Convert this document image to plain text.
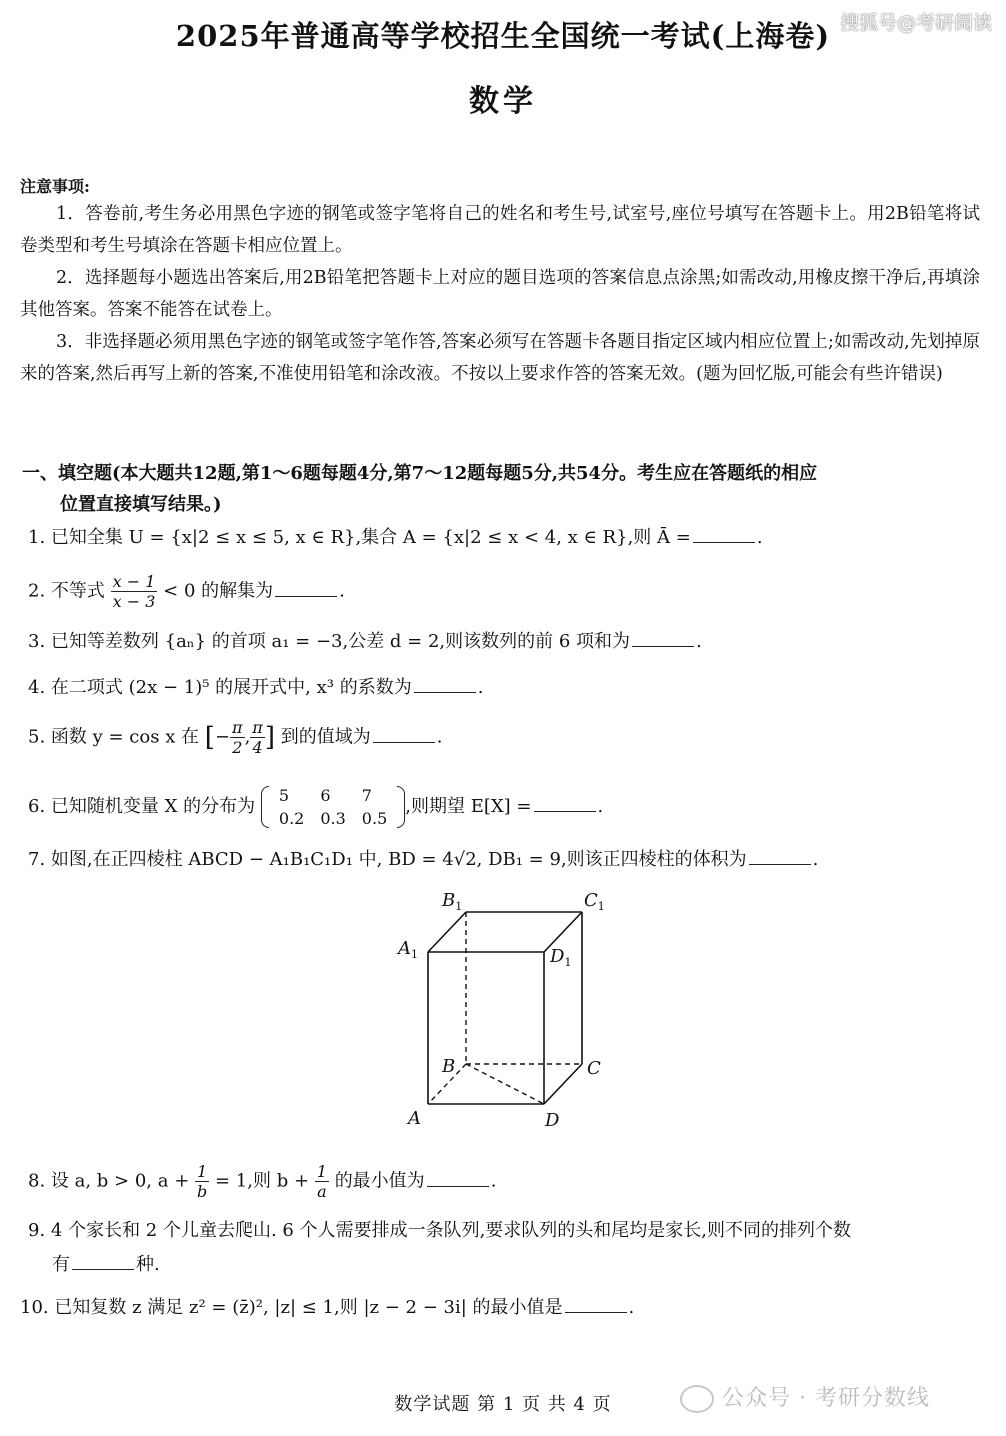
2025年普通高等学校招生全国统一考试(上海卷) 搜狐号@考研阅读
数学
注意事项:
1．答卷前,考生务必用黑色字迹的钢笔或签字笔将自己的姓名和考生号,试室号,座位号填写在答题卡上。用2B铅笔将试卷类型和考生号填涂在答题卡相应位置上。
2．选择题每小题选出答案后,用2B铅笔把答题卡上对应的题目选项的答案信息点涂黑;如需改动,用橡皮擦干净后,再填涂其他答案。答案不能答在试卷上。
3．非选择题必须用黑色字迹的钢笔或签字笔作答,答案必须写在答题卡各题目指定区域内相应位置上;如需改动,先划掉原来的答案,然后再写上新的答案,不准使用铅笔和涂改液。不按以上要求作答的答案无效。(题为回忆版,可能会有些许错误)
一、填空题(本大题共12题,第1～6题每题4分,第7～12题每题5分,共54分。考生应在答题纸的相应
位置直接填写结果。)
1. 已知全集 U = {x|2 ≤ x ≤ 5, x ∈ R},集合 A = {x|2 ≤ x < 4, x ∈ R},则 Ā =	.
2. 不等式 $\frac{x - 1}{x - 3} < 0$ 的解集为	.
3. 已知等差数列 {aₙ} 的首项 a₁ = −3,公差 d = 2,则该数列的前 6 项和为	.
4. 在二项式 (2x − 1)⁵ 的展开式中, x³ 的系数为	.
5. 函数 y = cos x 在 [− $\frac{\pi}{2}$ , $\frac{\pi}{4}$ ] 到的值域为	.
6. 已知随机变量 X 的分布为
5	6	7
0.2	0.3	0.5
,则期望 E[X] =	.
7. 如图,在正四棱柱 ABCD − A₁B₁C₁D₁ 中, BD = 4√2, DB₁ = 9,则该正四棱柱的体积为	.
$B_1$	$C_1$
$A_1$	$D_1$
B	C
A	D
8. 设 a, b > 0, $a + \frac{1}{b} = 1$,则 $b + \frac{1}{a}$ 的最小值为	.
9. 4 个家长和 2 个儿童去爬山. 6 个人需要排成一条队列,要求队列的头和尾均是家长,则不同的排列个数
有	种.
10. 已知复数 z 满足 z² = (z̄)², |z| ≤ 1,则 |z − 2 − 3i| 的最小值是	.
数学试题 第 1 页 共 4 页	公众号 · 考研分数线
